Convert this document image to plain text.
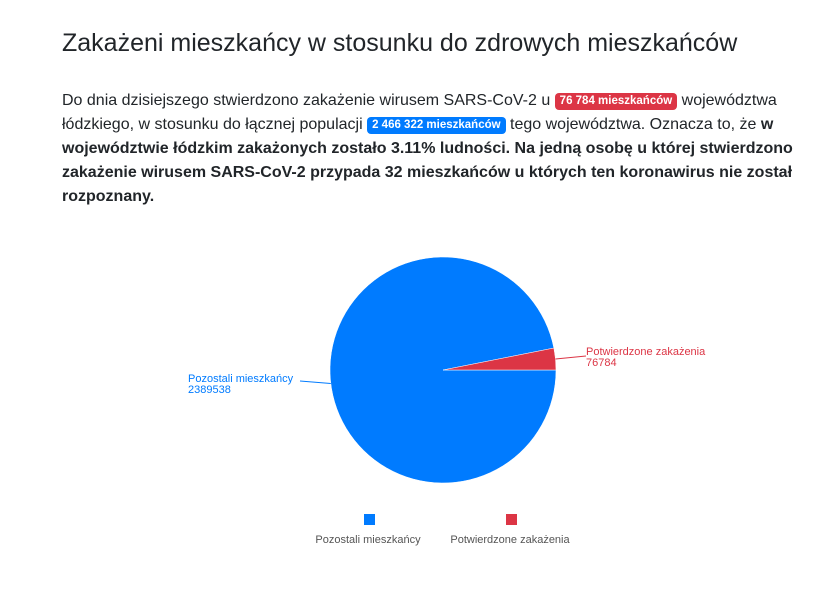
Zakażeni mieszkańcy w stosunku do zdrowych mieszkańców

Do dnia dzisiejszego stwierdzono zakażenie wirusem SARS-CoV-2 u 76 784 mieszkańców województwa łódzkiego, w stosunku do łącznej populacji 2 466 322 mieszkańców tego województwa. Oznacza to, że w województwie łódzkim zakażonych zostało 3.11% ludności. Na jedną osobę u której stwierdzono zakażenie wirusem SARS-CoV-2 przypada 32 mieszkańców u których ten koronawirus nie został rozpoznany.

Pozostali mieszkańcy
2389538
Potwierdzone zakażenia
76784
Pozostali mieszkańcy	Potwierdzone zakażenia
